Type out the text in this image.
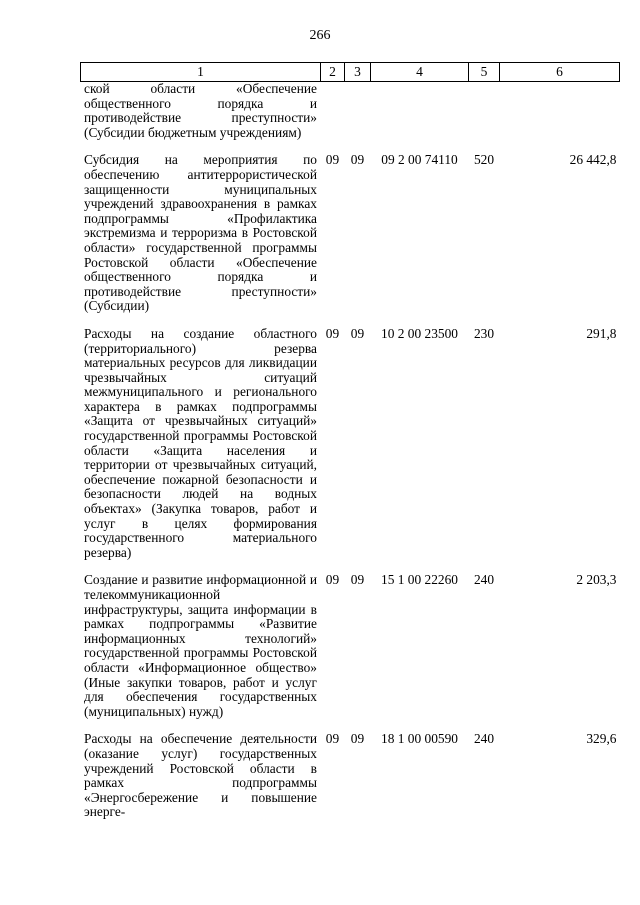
266
1	2	3	4	5	6
ской области «Обеспечение общественного порядка и противодействие преступности» (Субсидии бюджетным учреждениям)					

Субсидия на мероприятия по обеспечению антитеррористической защищенности муниципальных учреждений здравоохранения в рамках подпрограммы «Профилактика экстремизма и терроризма в Ростовской области» государственной программы Ростовской области «Обеспечение общественного порядка и противодействие преступности» (Субсидии)	09	09	09 2 00 74110	520	26 442,8

Расходы на создание областного (территориального) резерва материальных ресурсов для ликвидации чрезвычайных ситуаций межмуниципального и регионального характера в рамках подпрограммы «Защита от чрезвычайных ситуаций» государственной программы Ростовской области «Защита населения и территории от чрезвычайных ситуаций, обеспечение пожарной безопасности и безопасности людей на водных объектах» (Закупка товаров, работ и услуг в целях формирования государственного материального резерва)	09	09	10 2 00 23500	230	291,8

Создание и развитие информационной и телекоммуникационной инфраструктуры, защита информации в рамках подпрограммы «Развитие информационных технологий» государственной программы Ростовской области «Информационное общество» (Иные закупки товаров, работ и услуг для обеспечения государственных (муниципальных) нужд)	09	09	15 1 00 22260	240	2 203,3

Расходы на обеспечение деятельности (оказание услуг) государственных учреждений Ростовской области в рамках подпрограммы «Энергосбережение и повышение энерге-	09	09	18 1 00 00590	240	329,6
